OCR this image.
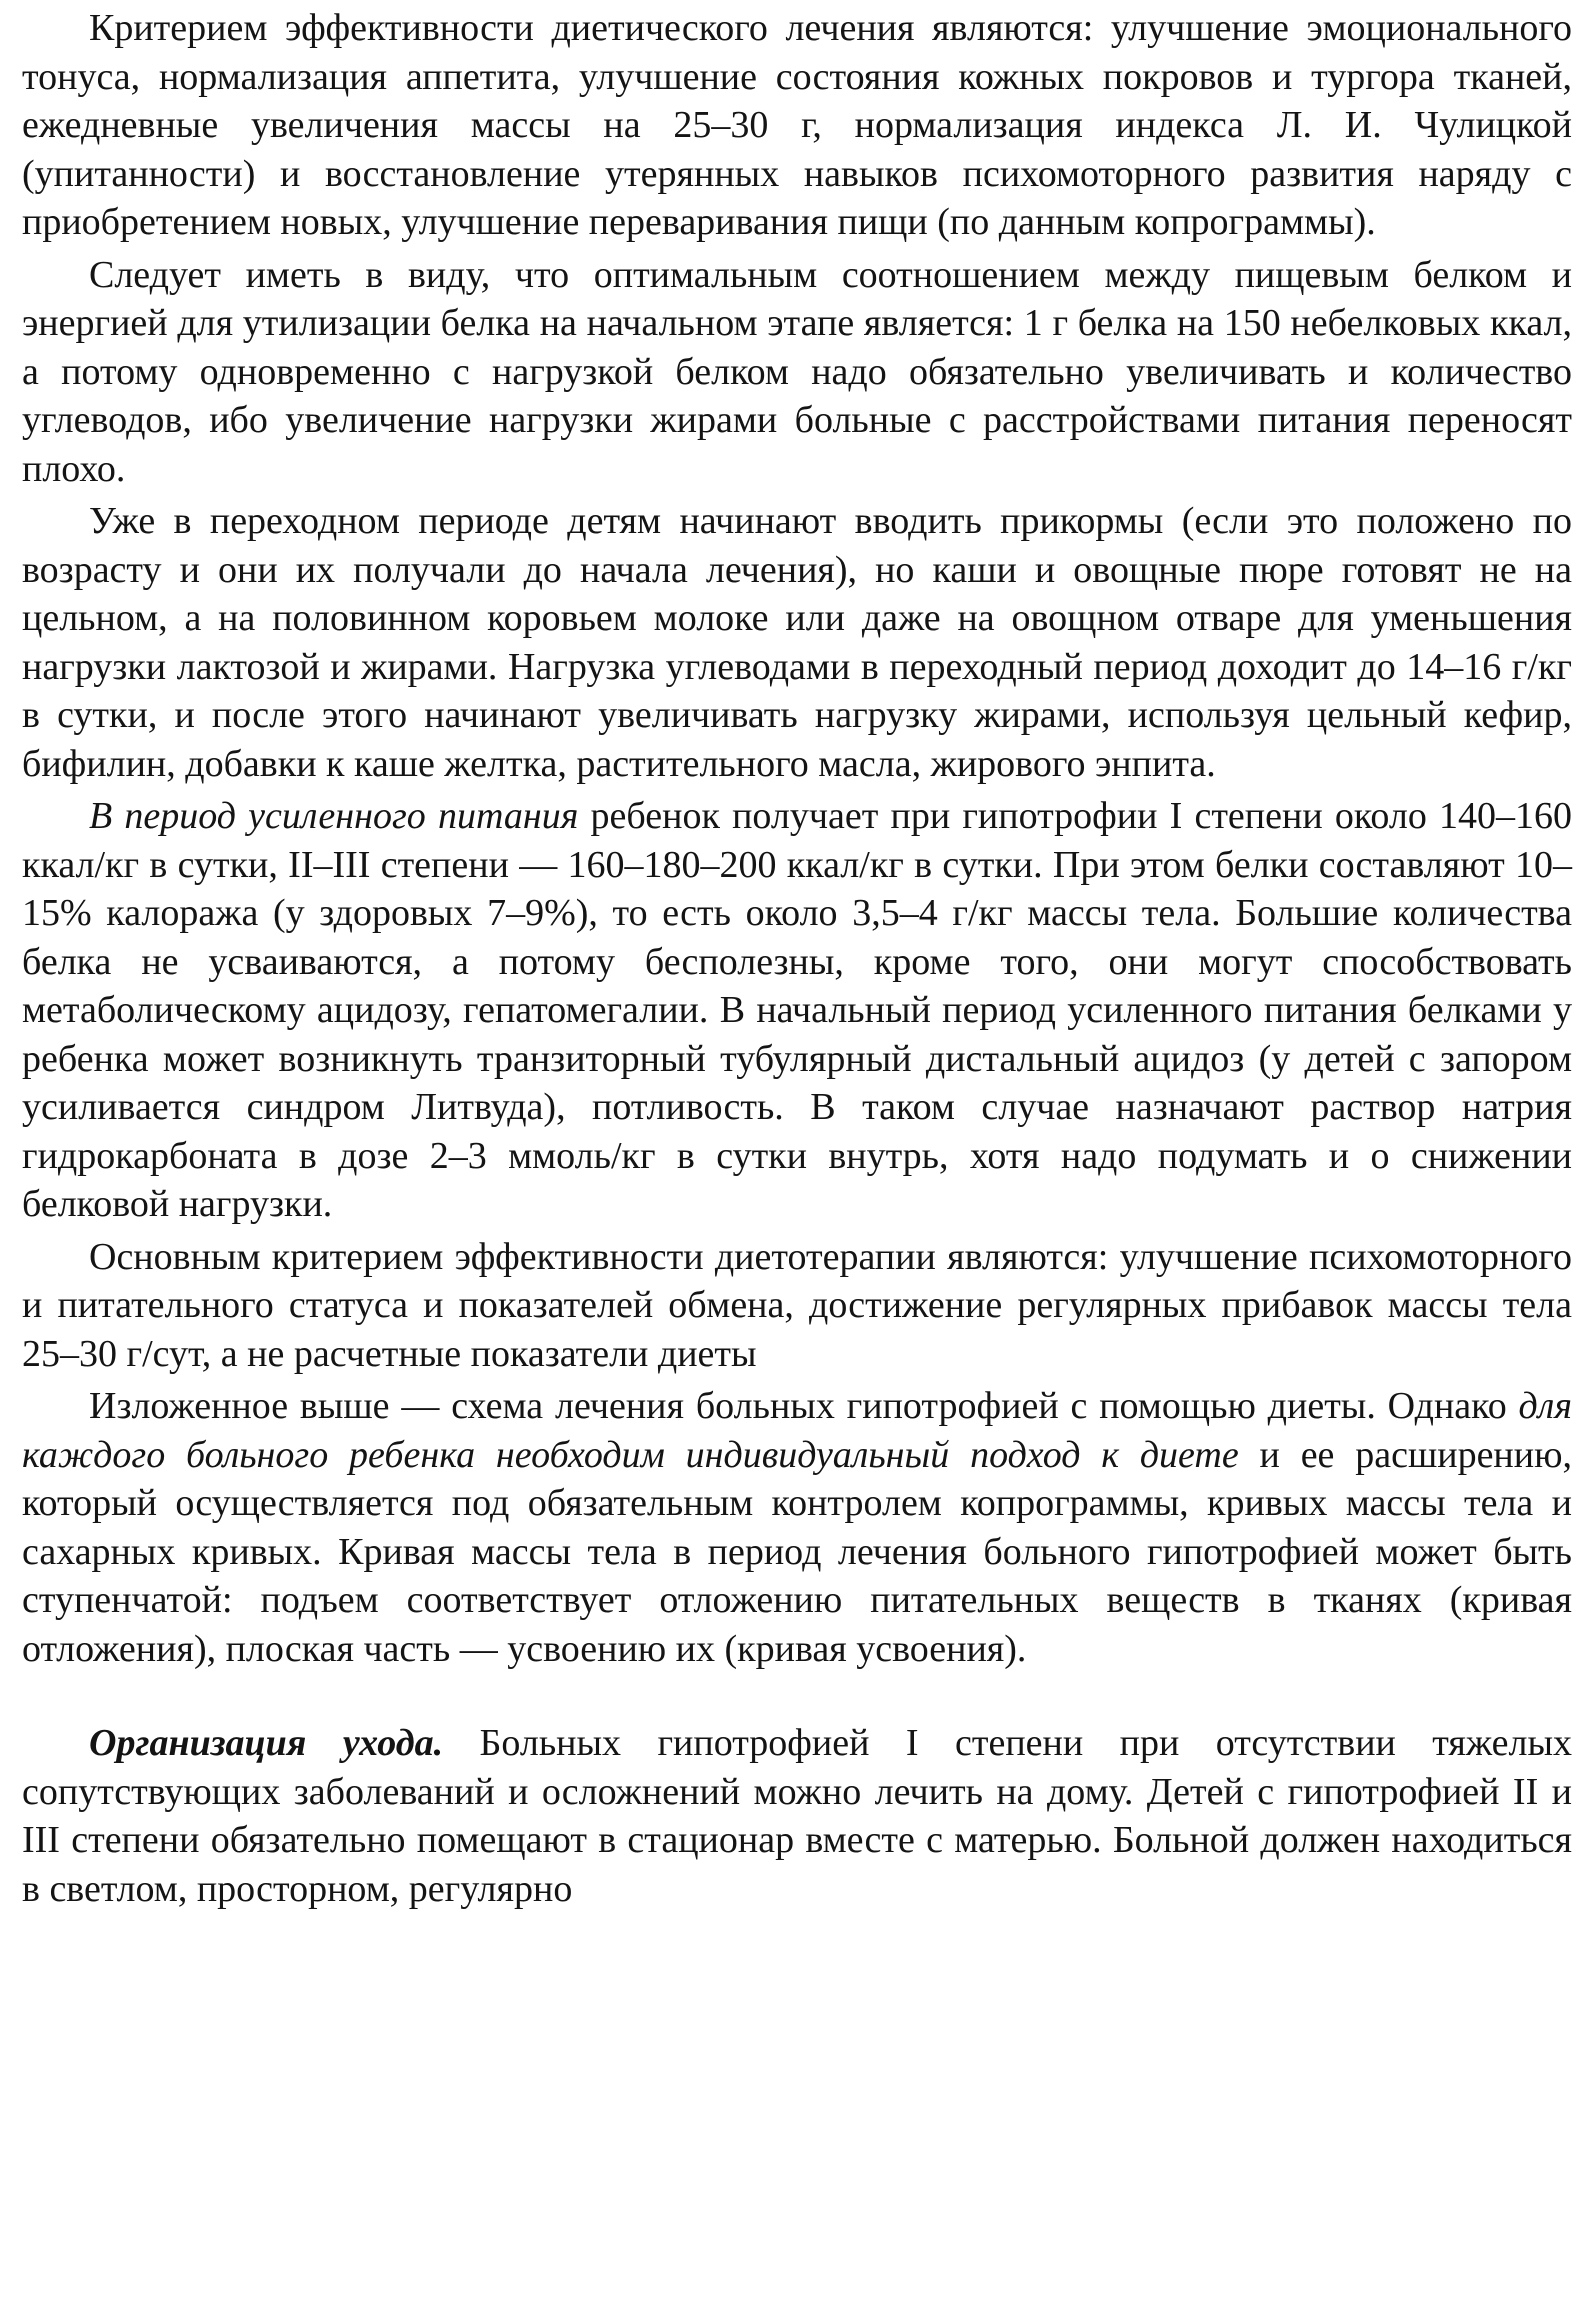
Критерием эффективности диетического лечения являются: улучшение эмоционального тонуса, нормализация аппетита, улучшение состояния кожных покровов и тургора тканей, ежедневные увеличения массы на 25–30 г, нормализация индекса Л. И. Чулицкой (упитанности) и восстановление утерянных навыков психомоторного развития наряду с приобретением новых, улучшение переваривания пищи (по данным копрограммы).

Следует иметь в виду, что оптимальным соотношением между пищевым белком и энергией для утилизации белка на начальном этапе является: 1 г белка на 150 небелковых ккал, а потому одновременно с нагрузкой белком надо обязательно увеличивать и количество углеводов, ибо увеличение нагрузки жирами больные с расстройствами питания переносят плохо.

Уже в переходном периоде детям начинают вводить прикормы (если это положено по возрасту и они их получали до начала лечения), но каши и овощные пюре готовят не на цельном, а на половинном коровьем молоке или даже на овощном отваре для уменьшения нагрузки лактозой и жирами. Нагрузка углеводами в переходный период доходит до 14–16 г/кг в сутки, и после этого начинают увеличивать нагрузку жирами, используя цельный кефир, бифилин, добавки к каше желтка, растительного масла, жирового энпита.

В период усиленного питания ребенок получает при гипотрофии I степени около 140–160 ккал/кг в сутки, II–III степени — 160–180–200 ккал/кг в сутки. При этом белки составляют 10–15% калоража (у здоровых 7–9%), то есть около 3,5–4 г/кг массы тела. Большие количества белка не усваиваются, а потому бесполезны, кроме того, они могут способствовать метаболическому ацидозу, гепатомегалии. В начальный период усиленного питания белками у ребенка может возникнуть транзиторный тубулярный дистальный ацидоз (у детей с запором усиливается синдром Литвуда), потливость. В таком случае назначают раствор натрия гидрокарбоната в дозе 2–3 ммоль/кг в сутки внутрь, хотя надо подумать и о снижении белковой нагрузки.

Основным критерием эффективности диетотерапии являются: улучшение психомоторного и питательного статуса и показателей обмена, достижение регулярных прибавок массы тела 25–30 г/сут, а не расчетные показатели диеты

Изложенное выше — схема лечения больных гипотрофией с помощью диеты. Однако для каждого больного ребенка необходим индивидуальный подход к диете и ее расширению, который осуществляется под обязательным контролем копрограммы, кривых массы тела и сахарных кривых. Кривая массы тела в период лечения больного гипотрофией может быть ступенчатой: подъем соответствует отложению питательных веществ в тканях (кривая отложения), плоская часть — усвоению их (кривая усвоения).

Организация ухода. Больных гипотрофией I степени при отсутствии тяжелых сопутствующих заболеваний и осложнений можно лечить на дому. Детей с гипотрофией II и III степени обязательно помещают в стационар вместе с матерью. Больной должен находиться в светлом, просторном, регулярно
